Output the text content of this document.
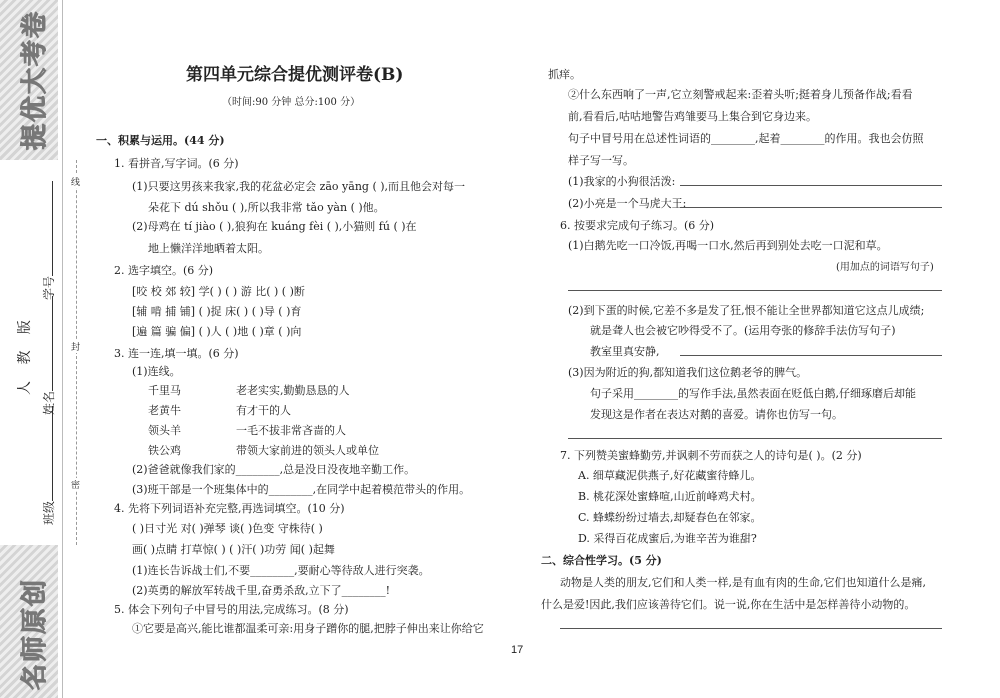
提优大考卷
名师原创
人 教 版
班级
姓名
学号
线
封
密
第四单元综合提优测评卷(B)
（时间:90 分钟 总分:100 分）
一、积累与运用。(44 分)
1. 看拼音,写字词。(6 分)
(1)只要这男孩来我家,我的花盆必定会 zāo yāng ( ),而且他会对每一
朵花下 dú shǒu ( ),所以我非常 tǎo yàn ( )他。
(2)母鸡在 tí jiào ( ),狼狗在 kuáng fèi ( ),小猫则 fú ( )在
地上懒洋洋地晒着太阳。
2. 选字填空。(6 分)
[咬 校 郊 较] 学( ) ( ) 游 比( ) ( )断
[辅 啃 捕 铺] ( )捉 床( ) ( )导 ( )育
[遍 篇 骗 偏] ( )人 ( )地 ( )章 ( )向
3. 连一连,填一填。(6 分)
(1)连线。
千里马
老黄牛
领头羊
铁公鸡
老老实实,勤勤恳恳的人
有才干的人
一毛不拔非常吝啬的人
带领大家前进的领头人或单位
(2)爸爸就像我们家的________,总是没日没夜地辛勤工作。
(3)班干部是一个班集体中的________,在同学中起着模范带头的作用。
4. 先将下列词语补充完整,再选词填空。(10 分)
( )日寸光 对( )弹琴 谈( )色变 守株待( )
画( )点睛 打草惊( ) ( )汗( )功劳 闻( )起舞
(1)连长告诉战士们,不要________,要耐心等待敌人进行突袭。
(2)英勇的解放军转战千里,奋勇杀敌,立下了________!
5. 体会下列句子中冒号的用法,完成练习。(8 分)
①它要是高兴,能比谁都温柔可亲:用身子蹭你的腿,把脖子伸出来让你给它
抓痒。
②什么东西响了一声,它立刻警戒起来:歪着头听;挺着身儿预备作战;看看
前,看看后,咕咕地警告鸡雏要马上集合到它身边来。
句子中冒号用在总述性词语的________,起着________的作用。我也会仿照
样子写一写。
(1)我家的小狗很活泼:
(2)小亮是一个马虎大王:
6. 按要求完成句子练习。(6 分)
(1)白鹅先吃一口冷饭,再喝一口水,然后再到别处去吃一口泥和草。
(用加点的词语写句子)
(2)到下蛋的时候,它差不多是发了狂,恨不能让全世界都知道它这点儿成绩;
就是聋人也会被它吵得受不了。(运用夸张的修辞手法仿写句子)
教室里真安静,
(3)因为附近的狗,都知道我们这位鹅老爷的脾气。
句子采用________的写作手法,虽然表面在贬低白鹅,仔细琢磨后却能
发现这是作者在表达对鹅的喜爱。请你也仿写一句。
7. 下列赞美蜜蜂勤劳,并讽刺不劳而获之人的诗句是( )。(2 分)
A. 细草藏泥供燕子,好花藏蜜待蜂儿。
B. 桃花深处蜜蜂喧,山近前峰鸡犬村。
C. 蜂蝶纷纷过墙去,却疑春色在邻家。
D. 采得百花成蜜后,为谁辛苦为谁甜?
二、综合性学习。(5 分)
动物是人类的朋友,它们和人类一样,是有血有肉的生命,它们也知道什么是痛,
什么是爱!因此,我们应该善待它们。说一说,你在生活中是怎样善待小动物的。
17
